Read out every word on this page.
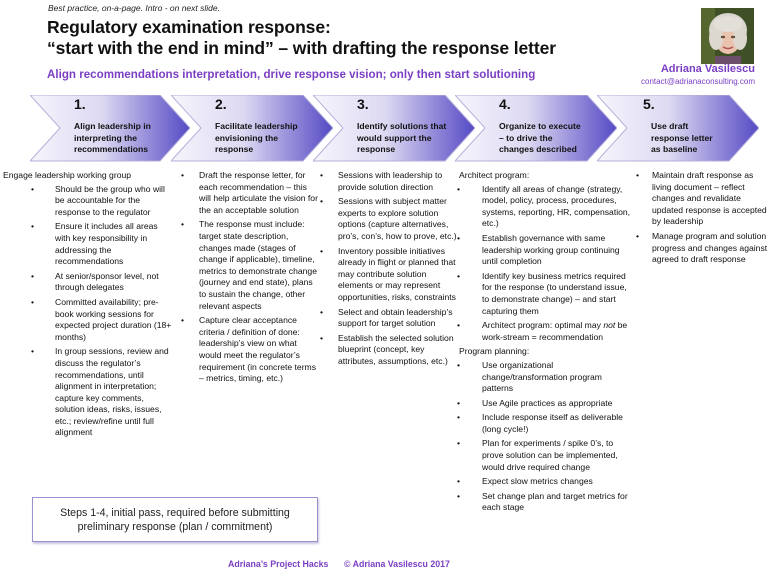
Best practice, on-a-page. Intro - on next slide.
Regulatory examination response:
“start with the end in mind” – with drafting the response letter
Align recommendations interpretation, drive response vision; only then start solutioning	Adriana Vasilescu
contact@adrianaconsulting.com
1.
Align leadership in
interpreting the
recommendations
2.
Facilitate leadership
envisioning the
response
3.
Identify solutions that
would support the
response
4.
Organize to execute
– to drive the
changes described
5.
Use draft
response letter
as baseline
Engage leadership working group
• Should be the group who will be accountable for the response to the regulator
• Ensure it includes all areas with key responsibility in addressing the recommendations
• At senior/sponsor level, not through delegates
• Committed availability; pre-book working sessions for expected project duration (18+ months)
• In group sessions, review and discuss the regulator’s recommendations, until alignment in interpretation; capture key comments, solution ideas, risks, issues, etc.; review/refine until full alignment
• Draft the response letter, for each recommendation – this will help articulate the vision for the an acceptable solution
• The response must include: target state description, changes made (stages of change if applicable), timeline, metrics to demonstrate change (journey and end state), plans to sustain the change, other relevant aspects
• Capture clear acceptance criteria / definition of done: leadership’s view on what would meet the regulator’s requirement (in concrete terms – metrics, timing, etc.)
• Sessions with leadership to provide solution direction
• Sessions with subject matter experts to explore solution options (capture alternatives, pro’s, con’s, how to prove, etc.)
• Inventory possible initiatives already in flight or planned that may contribute solution elements or may represent opportunities, risks, constraints
• Select and obtain leadership’s support for target solution
• Establish the selected solution blueprint (concept, key attributes, assumptions, etc.)
Architect program:
•	Identify all areas of change (strategy, model, policy, process, procedures, systems, reporting, HR, compensation, etc.)
•	Establish governance with same leadership working group continuing until completion
•	Identify key business metrics required for the response (to understand issue, to demonstrate change) – and start capturing them
•	Architect program: optimal may not be work-stream = recommendation
Program planning:
•	Use organizational change/transformation program patterns
•	Use Agile practices as appropriate
•	Include response itself as deliverable (long cycle!)
•	Plan for experiments / spike 0’s, to prove solution can be implemented, would drive required change
•	Expect slow metrics changes
•	Set change plan and target metrics for each stage
• Maintain draft response as living document – reflect changes and revalidate updated response is accepted by leadership
• Manage program and solution progress and changes against agreed to draft response
Steps 1-4, initial pass, required before submitting
preliminary response (plan / commitment)
Adriana’s Project Hacks © Adriana Vasilescu 2017
